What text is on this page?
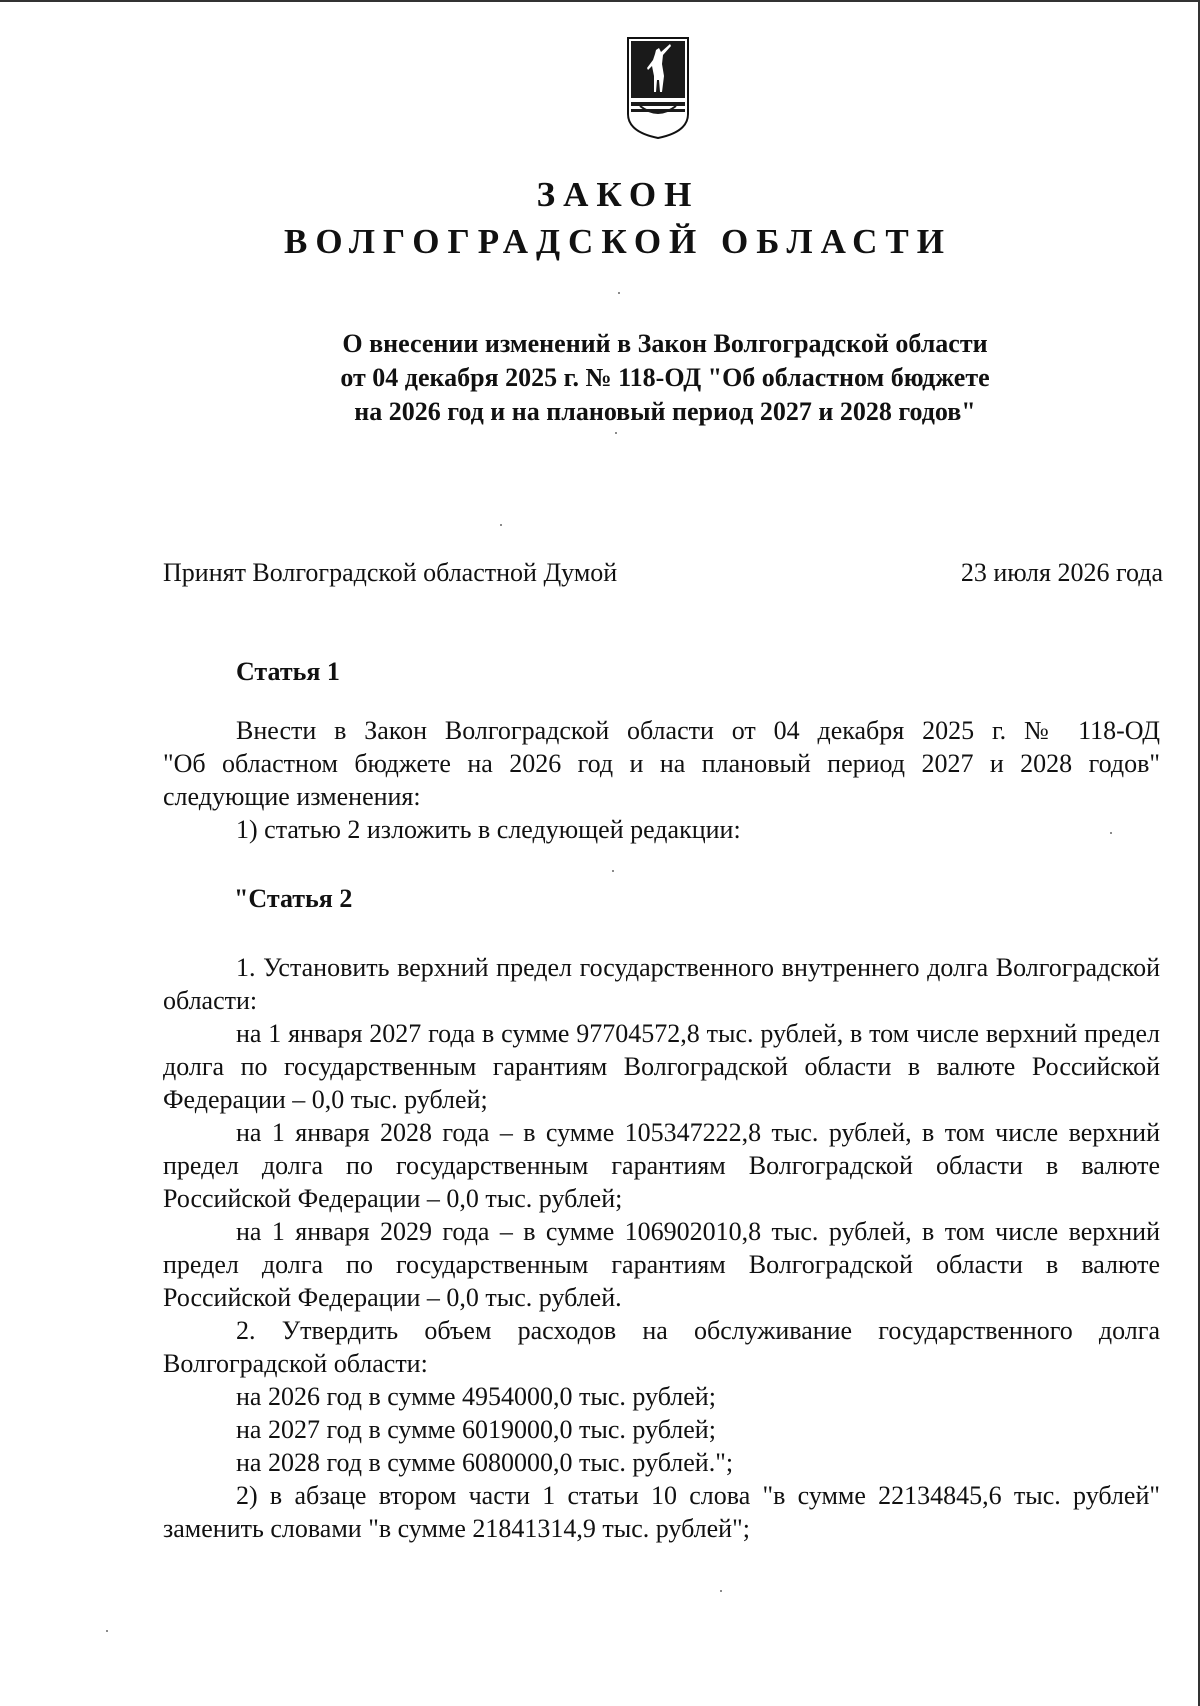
ЗАКОН
ВОЛГОГРАДСКОЙ ОБЛАСТИ
О внесении изменений в Закон Волгоградской области
от 04 декабря 2025 г. № 118-ОД "Об областном бюджете
на 2026 год и на плановый период 2027 и 2028 годов"
Принят Волгоградской областной Думой	23 июля 2026 года
Статья 1

Внести в Закон Волгоградской области от 04 декабря 2025 г. № 118-ОД

"Об областном бюджете на 2026 год и на плановый период 2027 и 2028 годов"

следующие изменения:

1) статью 2 изложить в следующей редакции:

"Статья 2

1. Установить верхний предел государственного внутреннего долга Волгоградской области:

на 1 января 2027 года в сумме 97704572,8 тыс. рублей, в том числе верхний предел долга по государственным гарантиям Волгоградской области в валюте Российской Федерации – 0,0 тыс. рублей;

на 1 января 2028 года – в сумме 105347222,8 тыс. рублей, в том числе верхний предел долга по государственным гарантиям Волгоградской области в валюте Российской Федерации – 0,0 тыс. рублей;

на 1 января 2029 года – в сумме 106902010,8 тыс. рублей, в том числе верхний предел долга по государственным гарантиям Волгоградской области в валюте Российской Федерации – 0,0 тыс. рублей.

2. Утвердить объем расходов на обслуживание государственного долга Волгоградской области:

на 2026 год в сумме 4954000,0 тыс. рублей;

на 2027 год в сумме 6019000,0 тыс. рублей;

на 2028 год в сумме 6080000,0 тыс. рублей.";

2) в абзаце втором части 1 статьи 10 слова "в сумме 22134845,6 тыс. рублей" заменить словами "в сумме 21841314,9 тыс. рублей";
